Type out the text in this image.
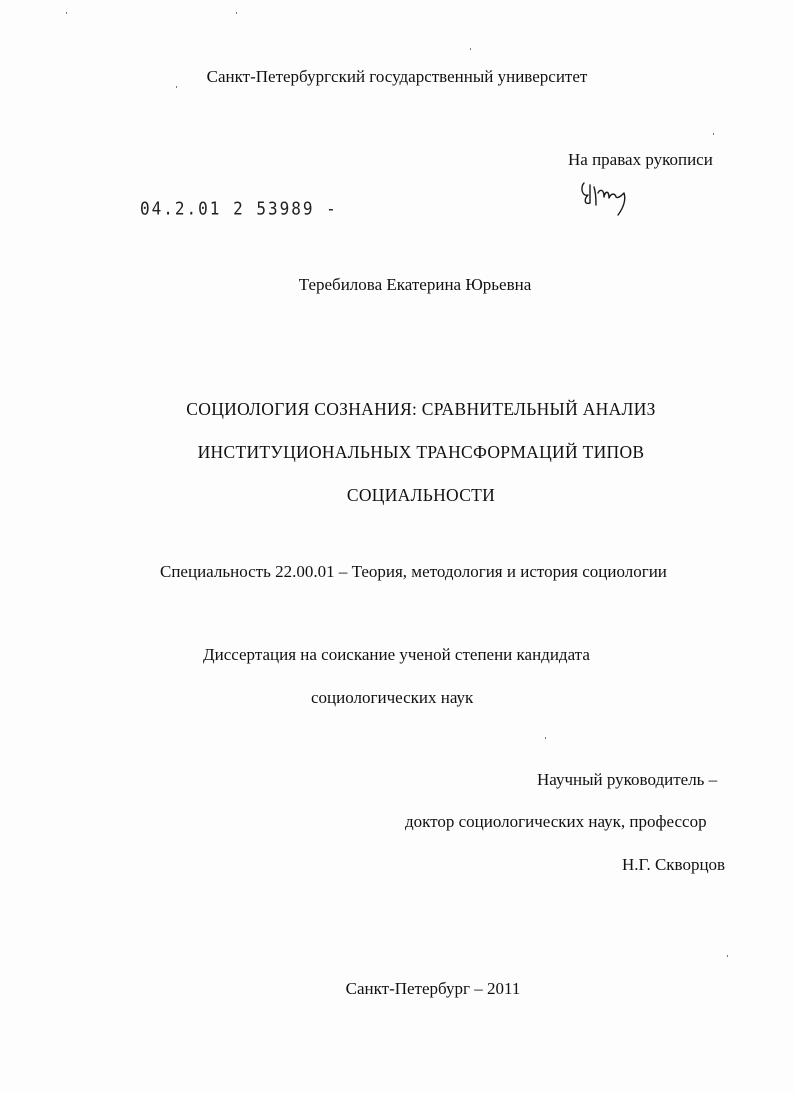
Санкт-Петербургский государственный университет
На правах рукописи
04.2.01 2 53989 -
Теребилова Екатерина Юрьевна
СОЦИОЛОГИЯ СОЗНАНИЯ: СРАВНИТЕЛЬНЫЙ АНАЛИЗ
ИНСТИТУЦИОНАЛЬНЫХ ТРАНСФОРМАЦИЙ ТИПОВ
СОЦИАЛЬНОСТИ
Специальность 22.00.01 – Теория, методология и история социологии
Диссертация на соискание ученой степени кандидата
социологических наук
Научный руководитель –
доктор социологических наук, профессор
Н.Г. Скворцов
Санкт-Петербург – 2011
